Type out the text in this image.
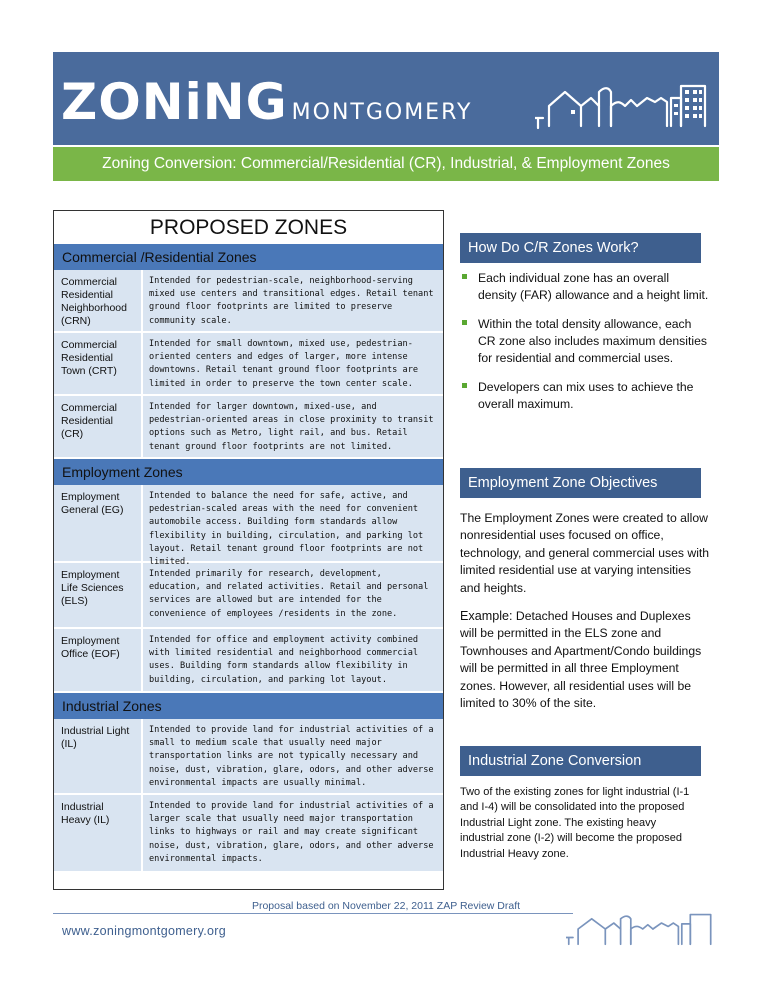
ZONiNG MONTGOMERY
Zoning Conversion: Commercial/Residential (CR), Industrial, & Employment Zones
PROPOSED ZONES
Commercial /Residential Zones
Commercial Residential Neighborhood (CRN)
Intended for pedestrian-scale, neighborhood-serving mixed use centers and transitional edges. Retail tenant ground floor footprints are limited to preserve community scale.
Commercial Residential Town (CRT)
Intended for small downtown, mixed use, pedestrian-oriented centers and edges of larger, more intense downtowns. Retail tenant ground floor footprints are limited in order to preserve the town center scale.
Commercial Residential (CR)
Intended for larger downtown, mixed-use, and pedestrian-oriented areas in close proximity to transit options such as Metro, light rail, and bus. Retail tenant ground floor footprints are not limited.
Employment Zones
Employment General (EG)
Intended to balance the need for safe, active, and pedestrian-scaled areas with the need for convenient automobile access. Building form standards allow flexibility in building, circulation, and parking lot layout. Retail tenant ground floor footprints are not limited.
Employment Life Sciences (ELS)
Intended primarily for research, development, education, and related activities. Retail and personal services are allowed but are intended for the convenience of employees /residents in the zone.
Employment Office (EOF)
Intended for office and employment activity combined with limited residential and neighborhood commercial uses. Building form standards allow flexibility in building, circulation, and parking lot layout.
Industrial Zones
Industrial Light (IL)
Intended to provide land for industrial activities of a small to medium scale that usually need major transportation links are not typically necessary and noise, dust, vibration, glare, odors, and other adverse environmental impacts are usually minimal.
Industrial Heavy (IL)
Intended to provide land for industrial activities of a larger scale that usually need major transportation links to highways or rail and may create significant noise, dust, vibration, glare, odors, and other adverse environmental impacts.
How Do C/R Zones Work?
Each individual zone has an overall density (FAR) allowance and a height limit.
Within the total density allowance, each CR zone also includes maximum densities for residential and commercial uses.
Developers can mix uses to achieve the overall maximum.
Employment Zone Objectives
The Employment Zones were created to allow nonresidential uses focused on office, technology, and general commercial uses with limited residential use at varying intensities and heights.
Example: Detached Houses and Duplexes will be permitted in the ELS zone and Townhouses and Apartment/Condo buildings will be permitted in all three Employment zones. However, all residential uses will be limited to 30% of the site.
Industrial Zone Conversion
Two of the existing zones for light industrial (I-1 and I-4) will be consolidated into the proposed Industrial Light zone. The existing heavy industrial zone (I-2) will become the proposed Industrial Heavy zone.
Proposal based on November 22, 2011 ZAP Review Draft
www.zoningmontgomery.org
